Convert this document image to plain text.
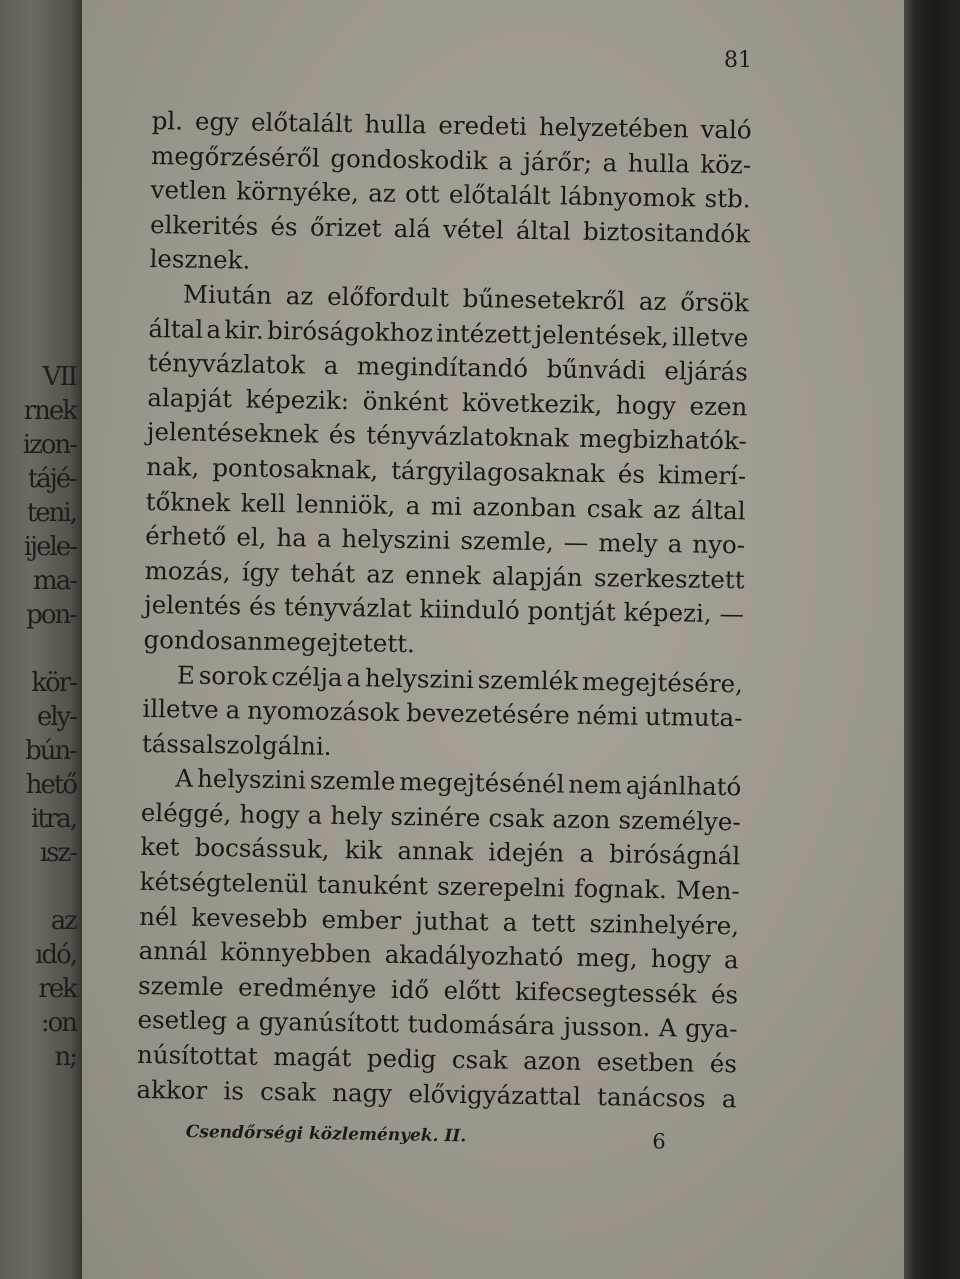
VII
rnek
izon-
tájé-
teni,
ijele-
ma-
pon-

kör-
ely-
bún-
hető
itra,
ısz-

az
ıdó,
rek
:on
n;
81
pl. egy előtalált hulla eredeti helyzetében való
megőrzéséről gondoskodik a járőr; a hulla köz-
vetlen környéke, az ott előtalált lábnyomok stb.
elkerités és őrizet alá vétel által biztositandók
lesznek.
Miután az előfordult bűnesetekről az őrsök
által a kir. biróságokhoz intézett jelentések, illetve
tényvázlatok a megindítandó bűnvádi eljárás
alapját képezik: önként következik, hogy ezen
jelentéseknek és tényvázlatoknak megbizhatók-
nak, pontosaknak, tárgyilagosaknak és kimerí-
tőknek kell lenniök, a mi azonban csak az által
érhető el, ha a helyszini szemle, — mely a nyo-
mozás, így tehát az ennek alapján szerkesztett
jelentés és tényvázlat kiinduló pontját képezi, —
gondosan megejtetett.
E sorok czélja a helyszini szemlék megejtésére,
illetve a nyomozások bevezetésére némi utmuta-
tással szolgálni.
A helyszini szemle megejtésénél nem ajánlható
eléggé, hogy a hely szinére csak azon személye-
ket bocsássuk, kik annak idején a biróságnál
kétségtelenül tanuként szerepelni fognak. Men-
nél kevesebb ember juthat a tett szinhelyére,
annál könnyebben akadályozható meg, hogy a
szemle eredménye idő előtt kifecsegtessék és
esetleg a gyanúsított tudomására jusson. A gya-
núsítottat magát pedig csak azon esetben és
akkor is csak nagy elővigyázattal tanácsos a
Csendőrségi közlemények. II.	6
